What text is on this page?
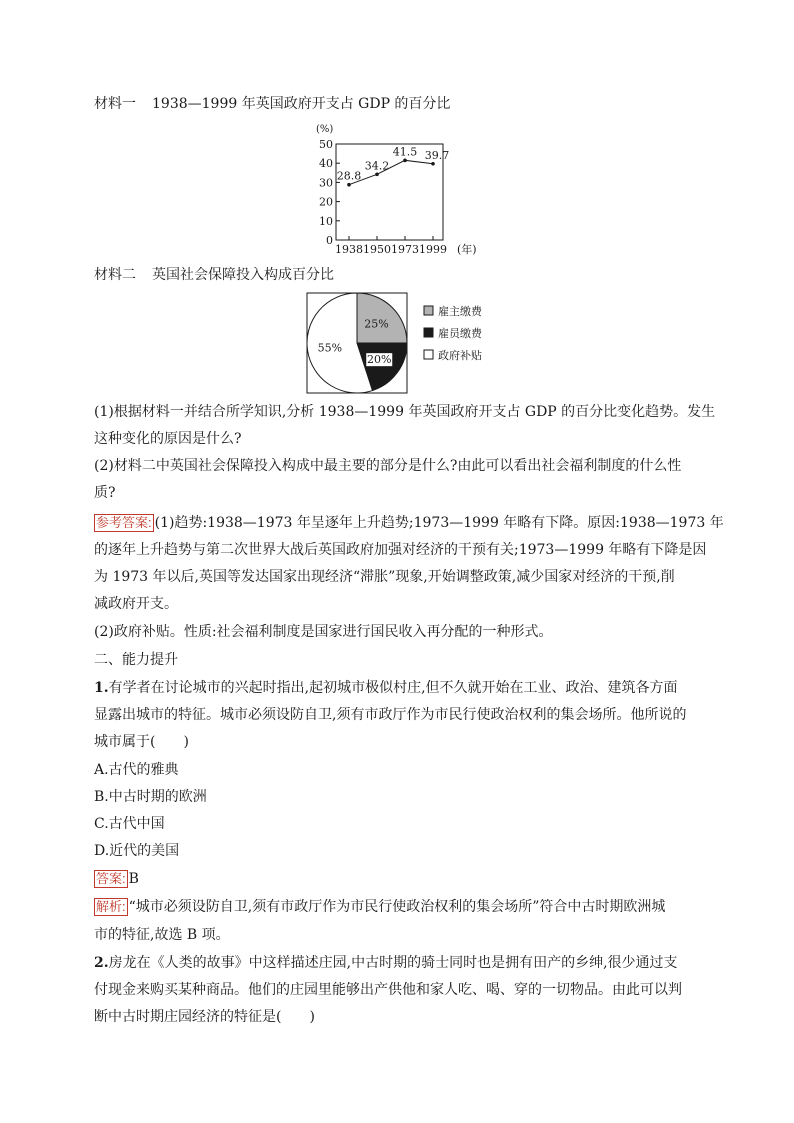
材料一 1938—1999 年英国政府开支占 GDP 的百分比
0
10
20
30
40
50
1938 1950 1973 1999
(%)
(年)
28.8
34.2
41.5 39.7
材料二 英国社会保障投入构成百分比
25%
20%
55%
雇主缴费
雇员缴费
政府补贴
(1)根据材料一并结合所学知识,分析 1938—1999 年英国政府开支占 GDP 的百分比变化趋势。发生
这种变化的原因是什么?
(2)材料二中英国社会保障投入构成中最主要的部分是什么?由此可以看出社会福利制度的什么性
质?
参考答案: (1)趋势:1938—1973 年呈逐年上升趋势;1973—1999 年略有下降。原因:1938—1973 年
的逐年上升趋势与第二次世界大战后英国政府加强对经济的干预有关;1973—1999 年略有下降是因
为 1973 年以后,英国等发达国家出现经济“滞胀”现象,开始调整政策,减少国家对经济的干预,削
减政府开支。
(2)政府补贴。性质:社会福利制度是国家进行国民收入再分配的一种形式。
二、能力提升
1.有学者在讨论城市的兴起时指出,起初城市极似村庄,但不久就开始在工业、政治、建筑各方面
显露出城市的特征。城市必须设防自卫,须有市政厅作为市民行使政治权利的集会场所。他所说的
城市属于(　　)
A.古代的雅典
B.中古时期的欧洲
C.古代中国
D.近代的美国
答案: B
解析: “城市必须设防自卫,须有市政厅作为市民行使政治权利的集会场所”符合中古时期欧洲城
市的特征,故选 B 项。
2.房龙在《人类的故事》中这样描述庄园,中古时期的骑士同时也是拥有田产的乡绅,很少通过支
付现金来购买某种商品。他们的庄园里能够出产供他和家人吃、喝、穿的一切物品。由此可以判
断中古时期庄园经济的特征是(　　)
